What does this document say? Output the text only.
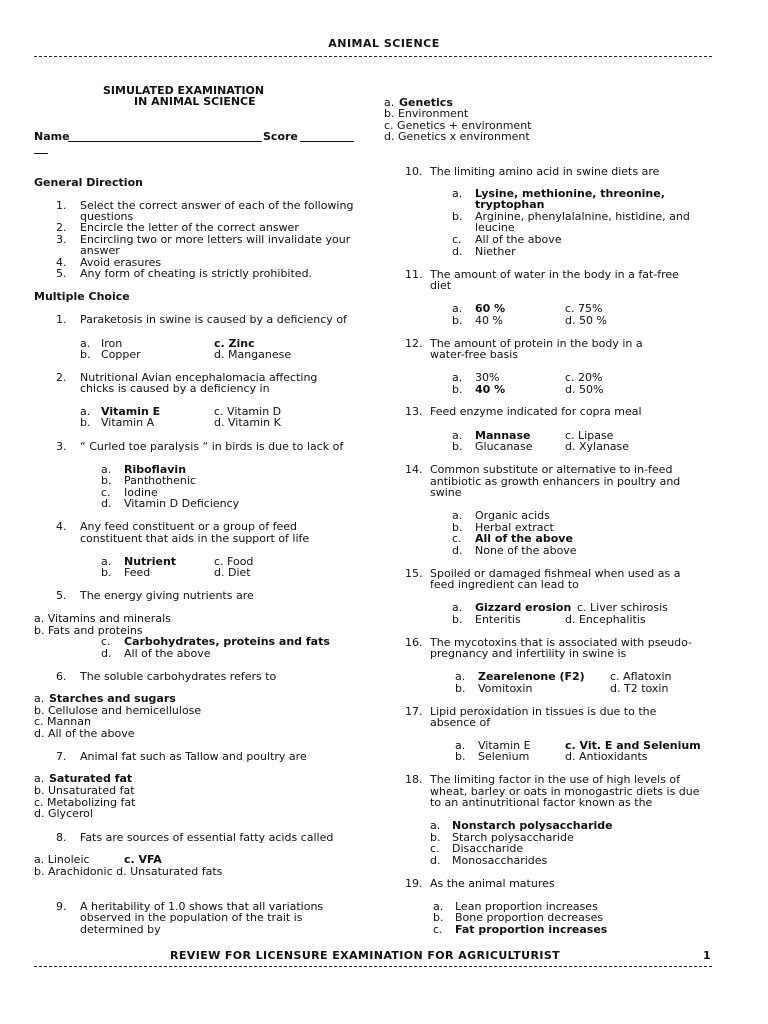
ANIMAL SCIENCE
SIMULATED EXAMINATION
IN ANIMAL SCIENCE
Name	Score
General Direction
1. Select the correct answer of each of the following
questions
2. Encircle the letter of the correct answer
3. Encircling two or more letters will invalidate your
answer
4. Avoid erasures
5. Any form of cheating is strictly prohibited.
Multiple Choice
1. Paraketosis in swine is caused by a deficiency of
a. Iron	c. Zinc
b. Copper	d. Manganese
2. Nutritional Avian encephalomacia affecting
chicks is caused by a deficiency in
a. Vitamin E	c. Vitamin D
b. Vitamin A	d. Vitamin K
3. “ Curled toe paralysis “ in birds is due to lack of
a. Riboflavin
b. Panthothenic
c. Iodine
d. Vitamin D Deficiency
4. Any feed constituent or a group of feed
constituent that aids in the support of life
a. Nutrient	c. Food
b. Feed	d. Diet
5. The energy giving nutrients are
a. Vitamins and minerals
b. Fats and proteins
c. Carbohydrates, proteins and fats
d. All of the above
6. The soluble carbohydrates refers to
a. Starches and sugars
b. Cellulose and hemicellulose
c. Mannan
d. All of the above
7. Animal fat such as Tallow and poultry are
a. Saturated fat
b. Unsaturated fat
c. Metabolizing fat
d. Glycerol
8. Fats are sources of essential fatty acids called
a. Linoleic	c. VFA
b. Arachidonic d. Unsaturated fats
9. A heritability of 1.0 shows that all variations
observed in the population of the trait is
determined by
a. Genetics
b. Environment
c. Genetics + environment
d. Genetics x environment
10. The limiting amino acid in swine diets are
a. Lysine, methionine, threonine,
tryptophan
b. Arginine, phenylalalnine, histidine, and
leucine
c. All of the above
d. Niether
11. The amount of water in the body in a fat-free
diet
a. 60 %	c. 75%
b. 40 %	d. 50 %
12. The amount of protein in the body in a
water-free basis
a. 30%	c. 20%
b. 40 %	d. 50%
13. Feed enzyme indicated for copra meal
a. Mannase	c. Lipase
b. Glucanase	d. Xylanase
14. Common substitute or alternative to in-feed
antibiotic as growth enhancers in poultry and
swine
a. Organic acids
b. Herbal extract
c. All of the above
d. None of the above
15. Spoiled or damaged fishmeal when used as a
feed ingredient can lead to
a. Gizzard erosion c. Liver schirosis
b. Enteritis	d. Encephalitis
16. The mycotoxins that is associated with pseudo-
pregnancy and infertility in swine is
a. Zearelenone (F2) c. Aflatoxin
b. Vomitoxin	d. T2 toxin
17. Lipid peroxidation in tissues is due to the
absence of
a. Vitamin E	c. Vit. E and Selenium
b. Selenium	d. Antioxidants
18. The limiting factor in the use of high levels of
wheat, barley or oats in monogastric diets is due
to an antinutritional factor known as the
a. Nonstarch polysaccharide
b. Starch polysaccharide
c. Disaccharide
d. Monosaccharides
19. As the animal matures
a. Lean proportion increases
b. Bone proportion decreases
c. Fat proportion increases
REVIEW FOR LICENSURE EXAMINATION FOR AGRICULTURIST	1
